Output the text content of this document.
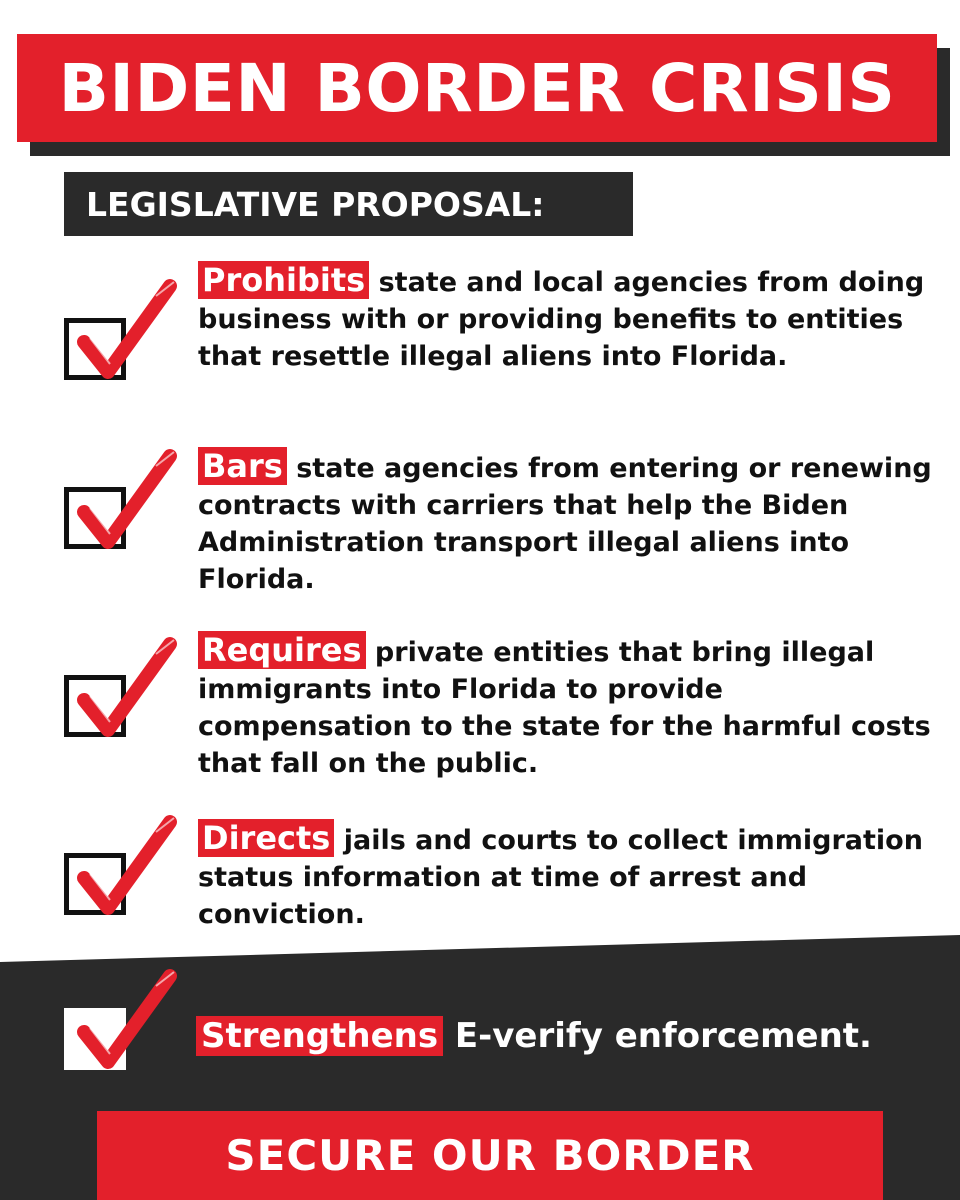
BIDEN BORDER CRISIS
LEGISLATIVE PROPOSAL:
Prohibits state and local agencies from doing business with or providing benefits to entities that resettle illegal aliens into Florida.
Bars state agencies from entering or renewing contracts with carriers that help the Biden Administration transport illegal aliens into Florida.
Requires private entities that bring illegal immigrants into Florida to provide compensation to the state for the harmful costs that fall on the public.
Directs jails and courts to collect immigration status information at time of arrest and conviction.
Strengthens E-verify enforcement.
SECURE OUR BORDER
